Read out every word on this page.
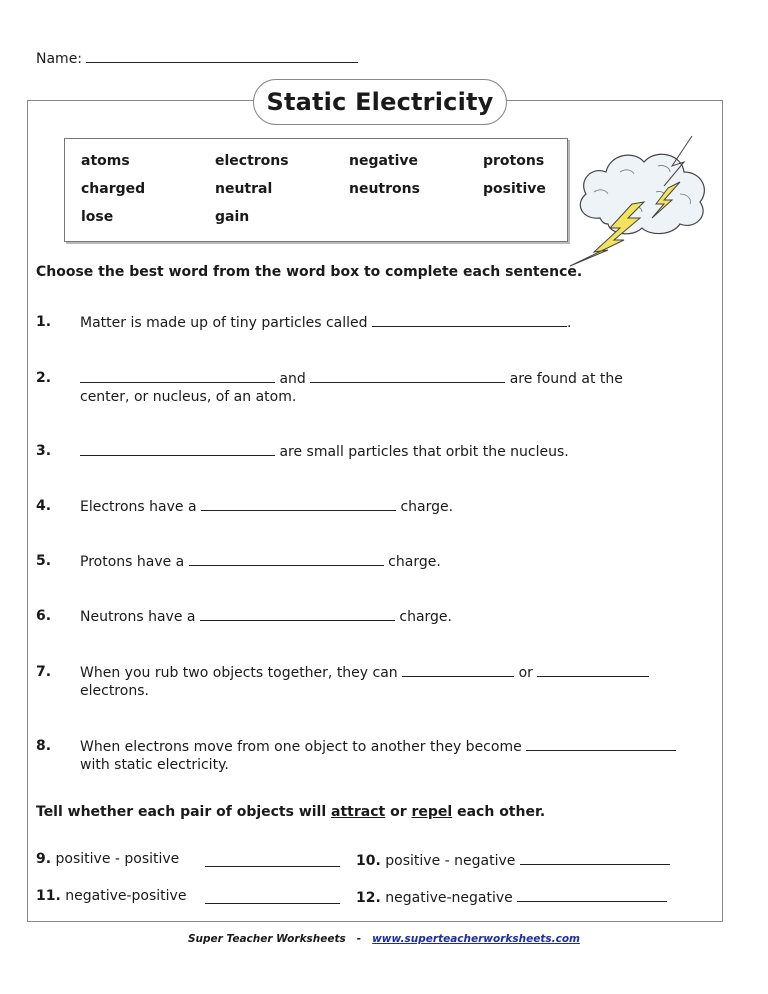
Name:
Static Electricity
atoms	electrons	negative	protons
charged	neutral	neutrons	positive
lose	gain
Choose the best word from the word box to complete each sentence.
1. Matter is made up of tiny particles called	.
2.	and	are found at the
center, or nucleus, of an atom.
3.	are small particles that orbit the nucleus.
4. Electrons have a	charge.
5. Protons have a	charge.
6. Neutrons have a	charge.
7. When you rub two objects together, they can	or
electrons.
8. When electrons move from one object to another they become
with static electricity.
Tell whether each pair of objects will attract or repel each other.
9. positive - positive	10. positive - negative
11. negative-positive	12. negative-negative
Super Teacher Worksheets - www.superteacherworksheets.com
